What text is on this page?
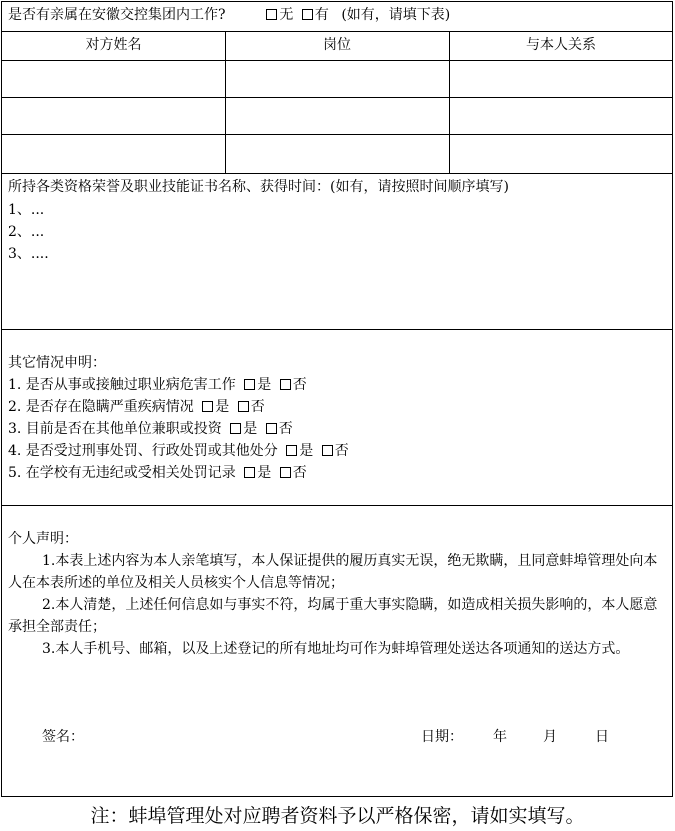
是否有亲属在安徽交控集团内工作?	无 有 (如有，请填下表)
对方姓名	岗位	与本人关系
所持各类资格荣誉及职业技能证书名称、获得时间：(如有，请按照时间顺序填写)
1、...
2、...
3、....
其它情况申明：
1. 是否从事或接触过职业病危害工作 是 否
2. 是否存在隐瞒严重疾病情况 是 否
3. 目前是否在其他单位兼职或投资 是 否
4. 是否受过刑事处罚、行政处罚或其他处分 是 否
5. 在学校有无违纪或受相关处罚记录 是 否
个人声明：
1.本表上述内容为本人亲笔填写，本人保证提供的履历真实无误，绝无欺瞒，且同意蚌埠管理处向本人在本表所述的单位及相关人员核实个人信息等情况；
2.本人清楚，上述任何信息如与事实不符，均属于重大事实隐瞒，如造成相关损失影响的，本人愿意承担全部责任；
3.本人手机号、邮箱，以及上述登记的所有地址均可作为蚌埠管理处送达各项通知的送达方式。
签名：	日期： 年	月	日
注：蚌埠管理处对应聘者资料予以严格保密，请如实填写。
